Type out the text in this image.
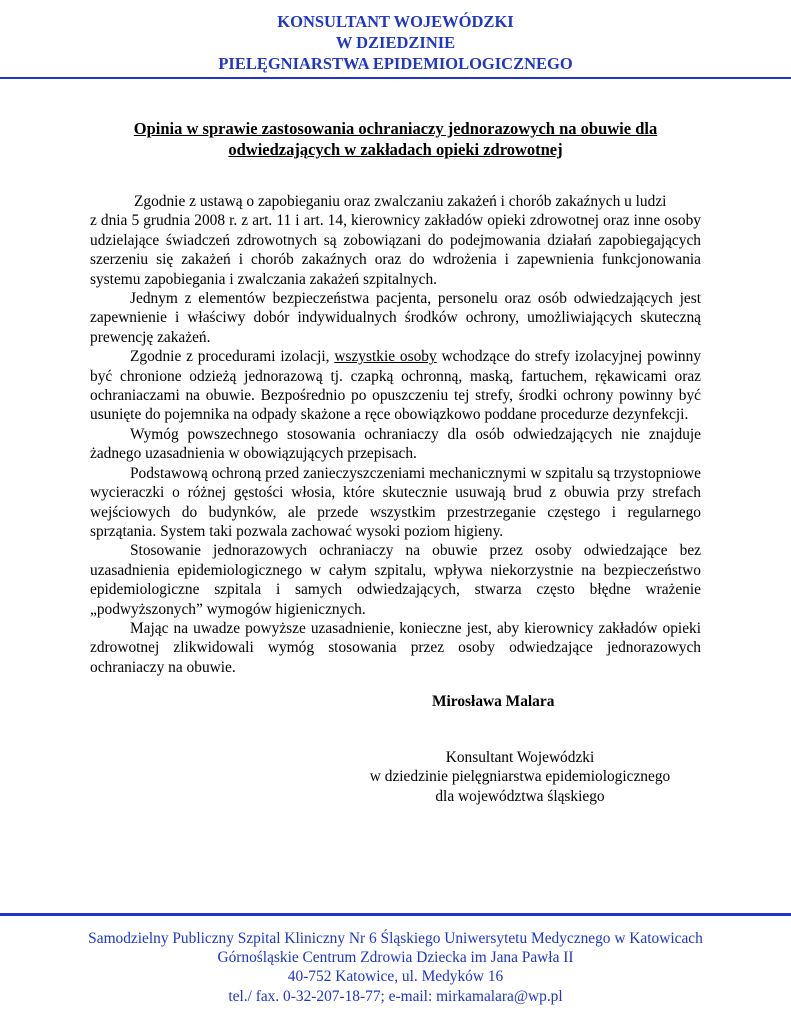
KONSULTANT WOJEWÓDZKI
W DZIEDZINIE
PIELĘGNIARSTWA EPIDEMIOLOGICZNEGO
Opinia w sprawie zastosowania ochraniaczy jednorazowych na obuwie dla
odwiedzających w zakładach opieki zdrowotnej

Zgodnie z ustawą o zapobieganiu oraz zwalczaniu zakażeń i chorób zakaźnych u ludzi

z dnia 5 grudnia 2008 r. z art. 11 i art. 14, kierownicy zakładów opieki zdrowotnej oraz inne osoby udzielające świadczeń zdrowotnych są zobowiązani do podejmowania działań zapobiegających szerzeniu się zakażeń i chorób zakaźnych oraz do wdrożenia i zapewnienia funkcjonowania systemu zapobiegania i zwalczania zakażeń szpitalnych.

Jednym z elementów bezpieczeństwa pacjenta, personelu oraz osób odwiedzających jest zapewnienie i właściwy dobór indywidualnych środków ochrony, umożliwiających skuteczną prewencję zakażeń.

Zgodnie z procedurami izolacji, wszystkie osoby wchodzące do strefy izolacyjnej powinny być chronione odzieżą jednorazową tj. czapką ochronną, maską, fartuchem, rękawicami oraz ochraniaczami na obuwie. Bezpośrednio po opuszczeniu tej strefy, środki ochrony powinny być usunięte do pojemnika na odpady skażone a ręce obowiązkowo poddane procedurze dezynfekcji.

Wymóg powszechnego stosowania ochraniaczy dla osób odwiedzających nie znajduje żadnego uzasadnienia w obowiązujących przepisach.

Podstawową ochroną przed zanieczyszczeniami mechanicznymi w szpitalu są trzystopniowe wycieraczki o różnej gęstości włosia, które skutecznie usuwają brud z obuwia przy strefach wejściowych do budynków, ale przede wszystkim przestrzeganie częstego i regularnego sprzątania. System taki pozwala zachować wysoki poziom higieny.

Stosowanie jednorazowych ochraniaczy na obuwie przez osoby odwiedzające bez uzasadnienia epidemiologicznego w całym szpitalu, wpływa niekorzystnie na bezpieczeństwo epidemiologiczne szpitala i samych odwiedzających, stwarza często błędne wrażenie „podwyższonych” wymogów higienicznych.

Mając na uwadze powyższe uzasadnienie, konieczne jest, aby kierownicy zakładów opieki zdrowotnej zlikwidowali wymóg stosowania przez osoby odwiedzające jednorazowych ochraniaczy na obuwie.

Mirosława Malara
Konsultant Wojewódzki
w dziedzinie pielęgniarstwa epidemiologicznego
dla województwa śląskiego
Samodzielny Publiczny Szpital Kliniczny Nr 6 Śląskiego Uniwersytetu Medycznego w Katowicach
Górnośląskie Centrum Zdrowia Dziecka im Jana Pawła II
40-752 Katowice, ul. Medyków 16
tel./ fax. 0-32-207-18-77; e-mail: mirkamalara@wp.pl
